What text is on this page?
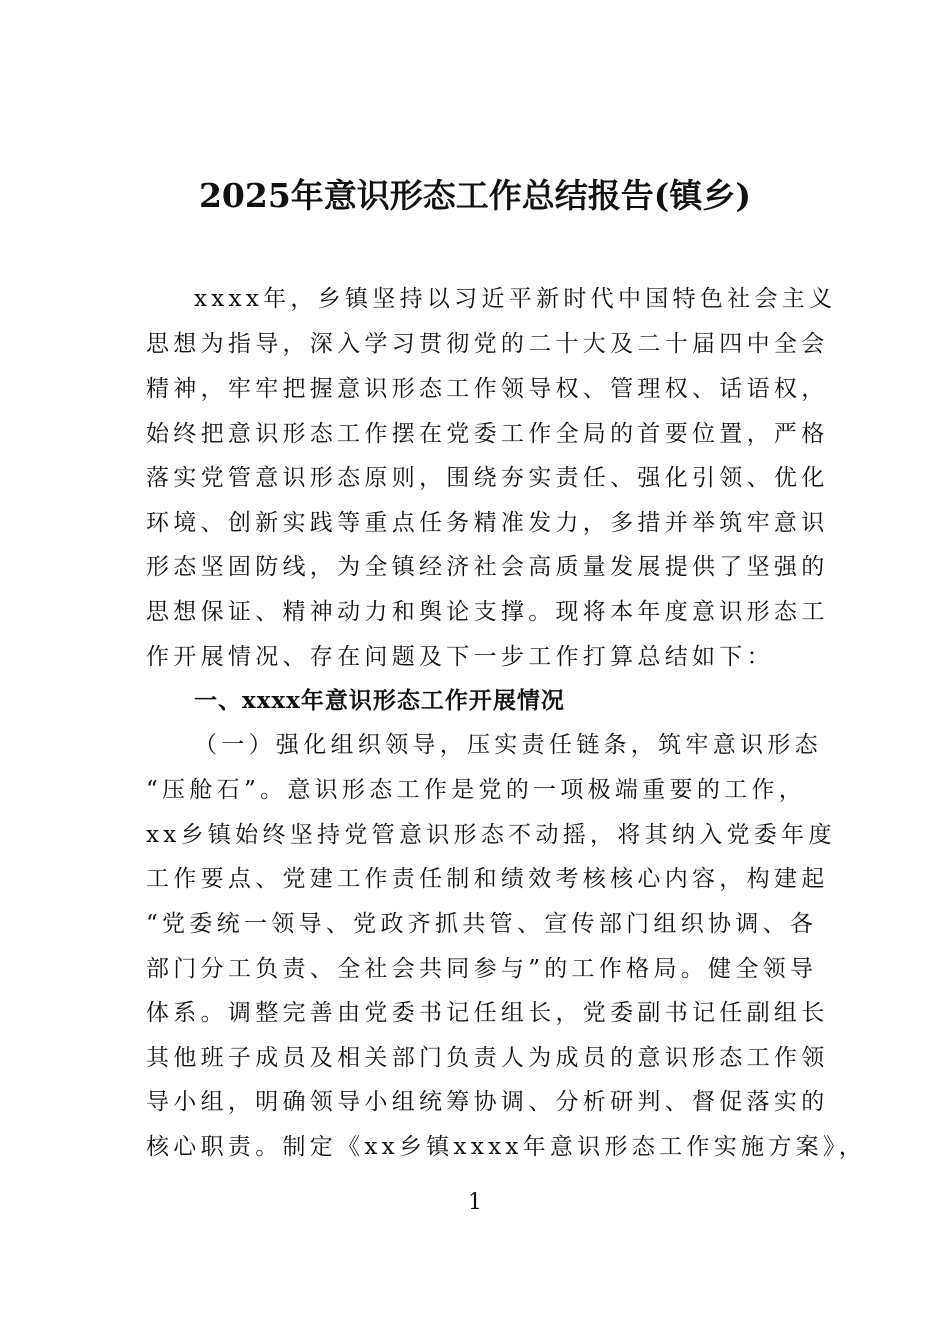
2025年意识形态工作总结报告(镇乡)
xxxx年，乡镇坚持以习近平新时代中国特色社会主义
思想为指导，深入学习贯彻党的二十大及二十届四中全会
精神，牢牢把握意识形态工作领导权、管理权、话语权，
始终把意识形态工作摆在党委工作全局的首要位置，严格
落实党管意识形态原则，围绕夯实责任、强化引领、优化
环境、创新实践等重点任务精准发力，多措并举筑牢意识
形态坚固防线，为全镇经济社会高质量发展提供了坚强的
思想保证、精神动力和舆论支撑。现将本年度意识形态工
作开展情况、存在问题及下一步工作打算总结如下：
一、xxxx年意识形态工作开展情况
（一）强化组织领导，压实责任链条，筑牢意识形态
“压舱石”。意识形态工作是党的一项极端重要的工作，
xx乡镇始终坚持党管意识形态不动摇，将其纳入党委年度
工作要点、党建工作责任制和绩效考核核心内容，构建起
“党委统一领导、党政齐抓共管、宣传部门组织协调、各
部门分工负责、全社会共同参与”的工作格局。健全领导
体系。调整完善由党委书记任组长，党委副书记任副组长
其他班子成员及相关部门负责人为成员的意识形态工作领
导小组，明确领导小组统筹协调、分析研判、督促落实的
核心职责。制定《xx乡镇xxxx年意识形态工作实施方案》，
1
